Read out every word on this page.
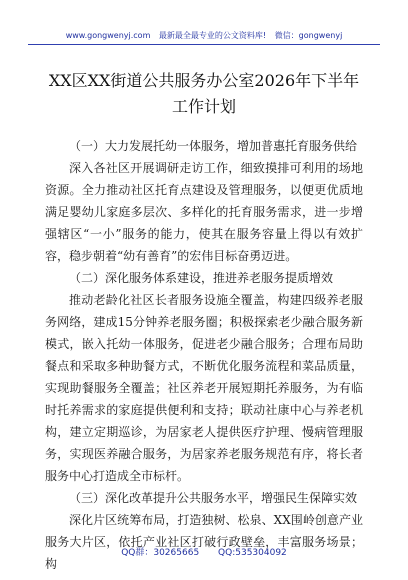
www.gongwenyj.com 最新最全最专业的公文资料库! 微信：gongwenyj
XX区XX街道公共服务办公室2026年下半年
工作计划

（一）大力发展托幼一体服务，增加普惠托育服务供给

深入各社区开展调研走访工作，细致摸排可利用的场地资源。全力推动社区托育点建设及管理服务，以便更优质地满足婴幼儿家庭多层次、多样化的托育服务需求，进一步增强辖区“一小”服务的能力，使其在服务容量上得以有效扩容，稳步朝着“幼有善育”的宏伟目标奋勇迈进。

（二）深化服务体系建设，推进养老服务提质增效

推动老龄化社区长者服务设施全覆盖，构建四级养老服务网络，建成15分钟养老服务圈；积极探索老少融合服务新模式，嵌入托幼一体服务，促进老少融合服务；合理布局助餐点和采取多种助餐方式，不断优化服务流程和菜品质量，实现助餐服务全覆盖；社区养老开展短期托养服务，为有临时托养需求的家庭提供便利和支持；联动社康中心与养老机构，建立定期巡诊，为居家老人提供医疗护理、慢病管理服务，实现医养融合服务，为居家养老服务规范有序，将长者服务中心打造成全市标杆。

（三）深化改革提升公共服务水平，增强民生保障实效

深化片区统筹布局，打造独树、松泉、XX围岭创意产业服务大片区，依托产业社区打破行政壁垒，丰富服务场景；构

QQ群：30265665 QQ:535304092
